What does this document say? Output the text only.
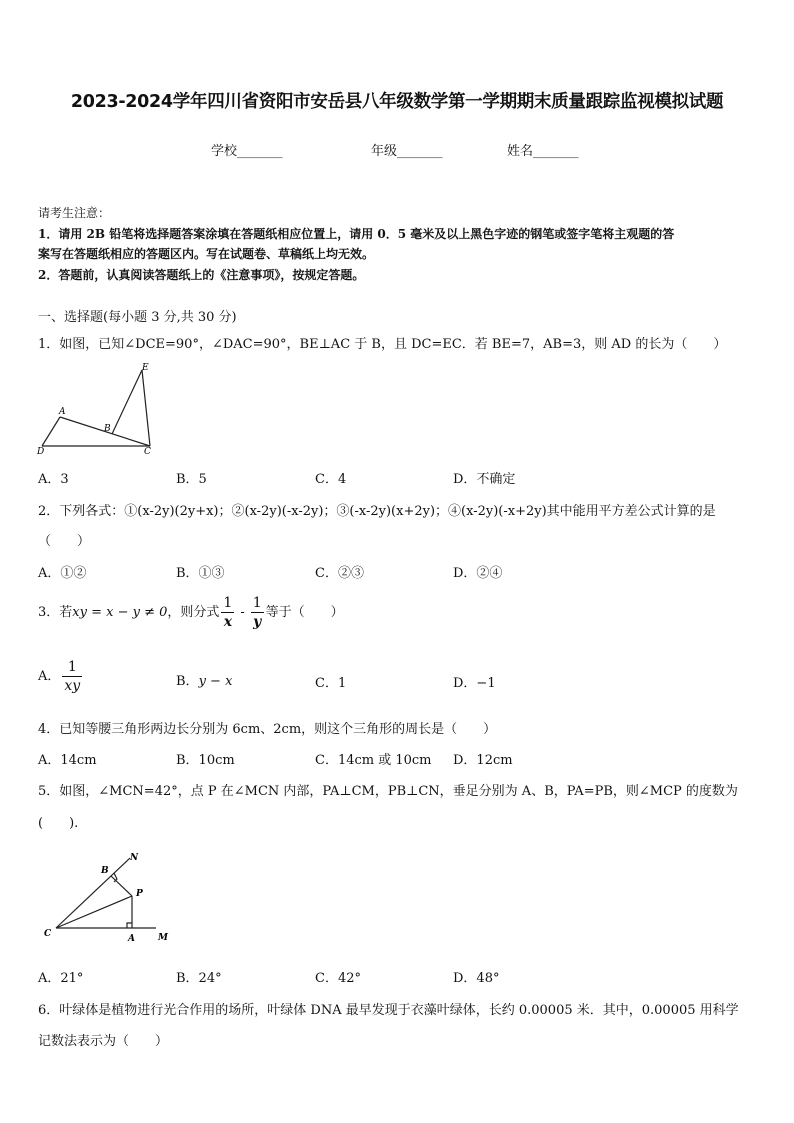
2023-2024学年四川省资阳市安岳县八年级数学第一学期期末质量跟踪监视模拟试题
学校_______	年级_______	姓名_______
请考生注意：
1．请用 2B 铅笔将选择题答案涂填在答题纸相应位置上，请用 0．5 毫米及以上黑色字迹的钢笔或签字笔将主观题的答
案写在答题纸相应的答题区内。写在试题卷、草稿纸上均无效。
2．答题前，认真阅读答题纸上的《注意事项》，按规定答题。
一、选择题(每小题 3 分,共 30 分)
1．如图，已知∠DCE=90°，∠DAC=90°，BE⊥AC 于 B，且 DC=EC．若 BE=7，AB=3，则 AD 的长为（　　）
E
A
B
D	C
A．3	B．5	C．4	D．不确定
2．下列各式：①(x-2y)(2y+x)；②(x-2y)(-x-2y)；③(-x-2y)(x+2y)；④(x-2y)(-x+2y)其中能用平方差公式计算的是
（　　）
A．①②	B．①③	C．②③	D．②④
3．若xy = x − y ≠ 0，则分式 $\frac{1}{x} - \frac{1}{y}$ 等于（　　）
A． $\frac{1}{xy}$	B．y − x	C．1	D．−1
4．已知等腰三角形两边长分别为 6cm、2cm，则这个三角形的周长是（　　）
A．14cm	B．10cm	C．14cm 或 10cm D．12cm
5．如图，∠MCN=42°，点 P 在∠MCN 内部，PA⊥CM，PB⊥CN，垂足分别为 A、B，PA=PB，则∠MCP 的度数为
(　　).
N
B
P
C	A	M
A．21°	B．24°	C．42°	D．48°
6．叶绿体是植物进行光合作用的场所，叶绿体 DNA 最早发现于衣藻叶绿体，长约 0.00005 米．其中，0.00005 用科学
记数法表示为（　　）
